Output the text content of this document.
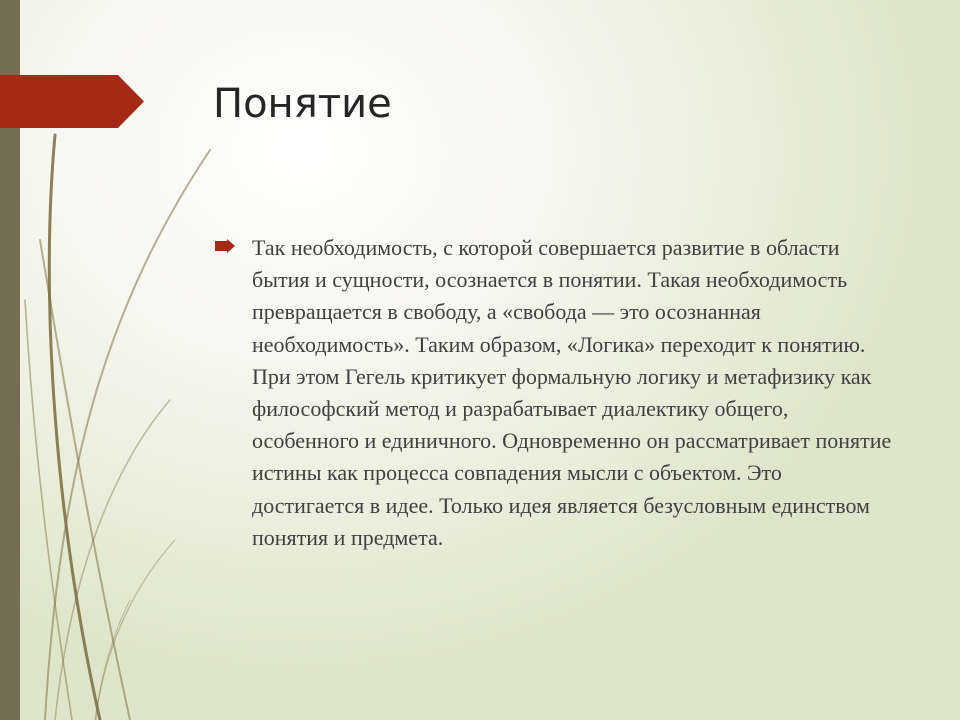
Понятие

Так необходимость, с которой совершается развитие в области бытия и сущности, осознается в понятии. Такая необходимость превращается в свободу, а «свобода — это осознанная необходимость». Таким образом, «Логика» переходит к понятию. При этом Гегель критикует формальную логику и метафизику как философский метод и разрабатывает диалектику общего, особенного и единичного. Одновременно он рассматривает понятие истины как процесса совпадения мысли с объектом. Это достигается в идее. Только идея является безусловным единством понятия и предмета.
